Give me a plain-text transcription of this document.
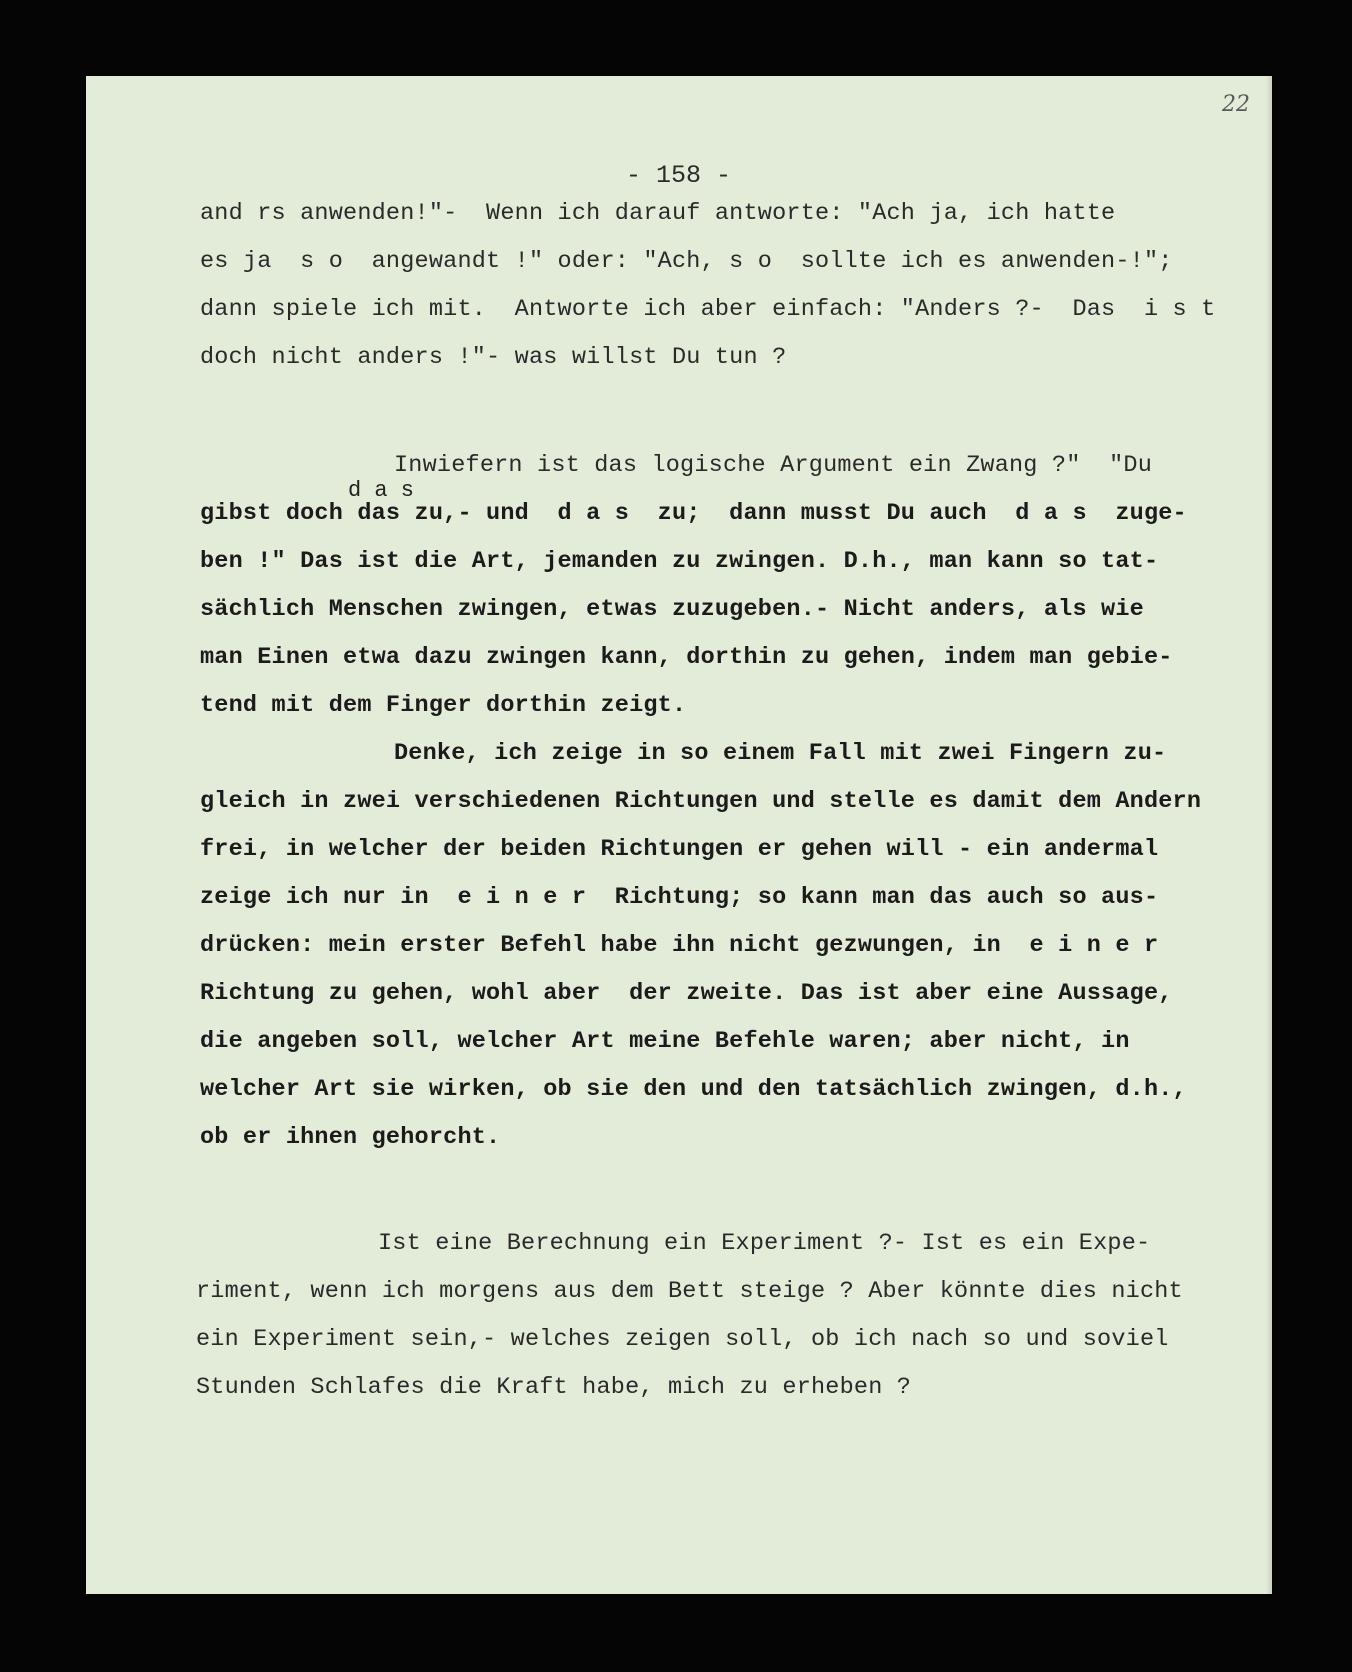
22
- 158 -
and rs anwenden!"-  Wenn ich darauf antworte: "Ach ja, ich hatte
es ja  s o  angewandt !" oder: "Ach, s o  sollte ich es anwenden-!";
dann spiele ich mit.  Antworte ich aber einfach: "Anders ?-  Das  i s t
doch nicht anders !"- was willst Du tun ?
Inwiefern ist das logische Argument ein Zwang ?"  "Du
d a s
gibst doch das zu,- und  d a s  zu;  dann musst Du auch  d a s  zuge-
ben !" Das ist die Art, jemanden zu zwingen. D.h., man kann so tat-
sächlich Menschen zwingen, etwas zuzugeben.- Nicht anders, als wie
man Einen etwa dazu zwingen kann, dorthin zu gehen, indem man gebie-
tend mit dem Finger dorthin zeigt.
Denke, ich zeige in so einem Fall mit zwei Fingern zu-
gleich in zwei verschiedenen Richtungen und stelle es damit dem Andern
frei, in welcher der beiden Richtungen er gehen will - ein andermal
zeige ich nur in  e i n e r  Richtung; so kann man das auch so aus-
drücken: mein erster Befehl habe ihn nicht gezwungen, in  e i n e r
Richtung zu gehen, wohl aber  der zweite. Das ist aber eine Aussage,
die angeben soll, welcher Art meine Befehle waren; aber nicht, in
welcher Art sie wirken, ob sie den und den tatsächlich zwingen, d.h.,
ob er ihnen gehorcht.
Ist eine Berechnung ein Experiment ?- Ist es ein Expe-
riment, wenn ich morgens aus dem Bett steige ? Aber könnte dies nicht
ein Experiment sein,- welches zeigen soll, ob ich nach so und soviel
Stunden Schlafes die Kraft habe, mich zu erheben ?
